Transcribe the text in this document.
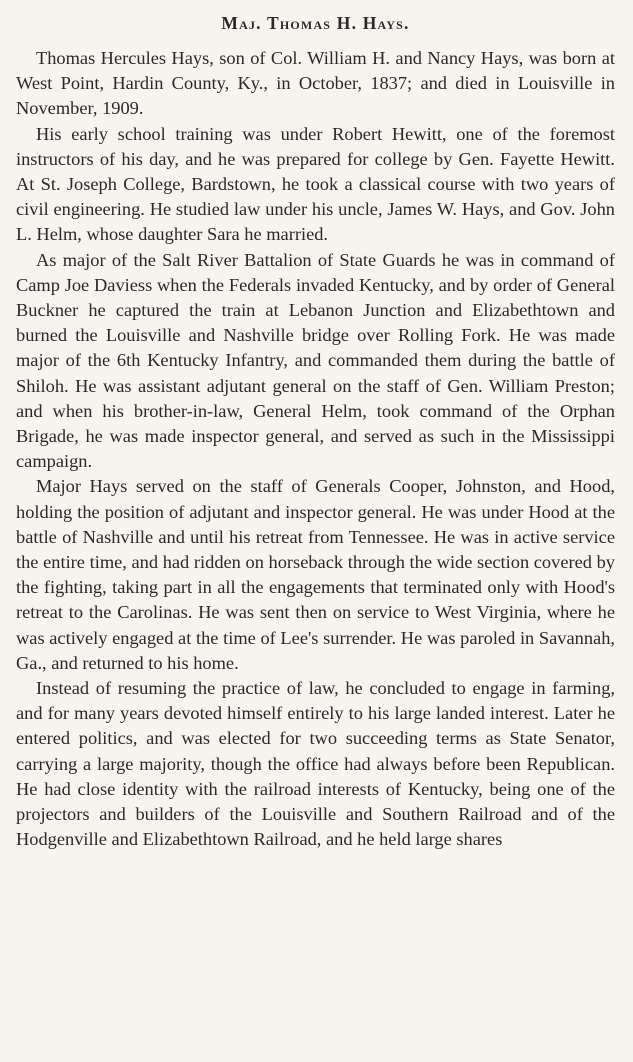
Maj. Thomas H. Hays.

Thomas Hercules Hays, son of Col. William H. and Nancy Hays, was born at West Point, Hardin County, Ky., in October, 1837; and died in Louisville in November, 1909.

His early school training was under Robert Hewitt, one of the foremost instructors of his day, and he was prepared for college by Gen. Fayette Hewitt. At St. Joseph College, Bardstown, he took a classical course with two years of civil engineering. He studied law under his uncle, James W. Hays, and Gov. John L. Helm, whose daughter Sara he married.

As major of the Salt River Battalion of State Guards he was in command of Camp Joe Daviess when the Federals invaded Kentucky, and by order of General Buckner he captured the train at Lebanon Junction and Elizabethtown and burned the Louisville and Nashville bridge over Rolling Fork. He was made major of the 6th Kentucky Infantry, and commanded them during the battle of Shiloh. He was assistant adjutant general on the staff of Gen. William Preston; and when his brother-in-law, General Helm, took command of the Orphan Brigade, he was made inspector general, and served as such in the Mississippi campaign.

Major Hays served on the staff of Generals Cooper, Johnston, and Hood, holding the position of adjutant and inspector general. He was under Hood at the battle of Nashville and until his retreat from Tennessee. He was in active service the entire time, and had ridden on horseback through the wide section covered by the fighting, taking part in all the engagements that terminated only with Hood's retreat to the Carolinas. He was sent then on service to West Virginia, where he was actively engaged at the time of Lee's surrender. He was paroled in Savannah, Ga., and returned to his home.

Instead of resuming the practice of law, he concluded to engage in farming, and for many years devoted himself entirely to his large landed interest. Later he entered politics, and was elected for two succeeding terms as State Senator, carrying a large majority, though the office had always before been Republican. He had close identity with the railroad interests of Kentucky, being one of the projectors and builders of the Louisville and Southern Railroad and of the Hodgenville and Elizabethtown Railroad, and he held large shares
